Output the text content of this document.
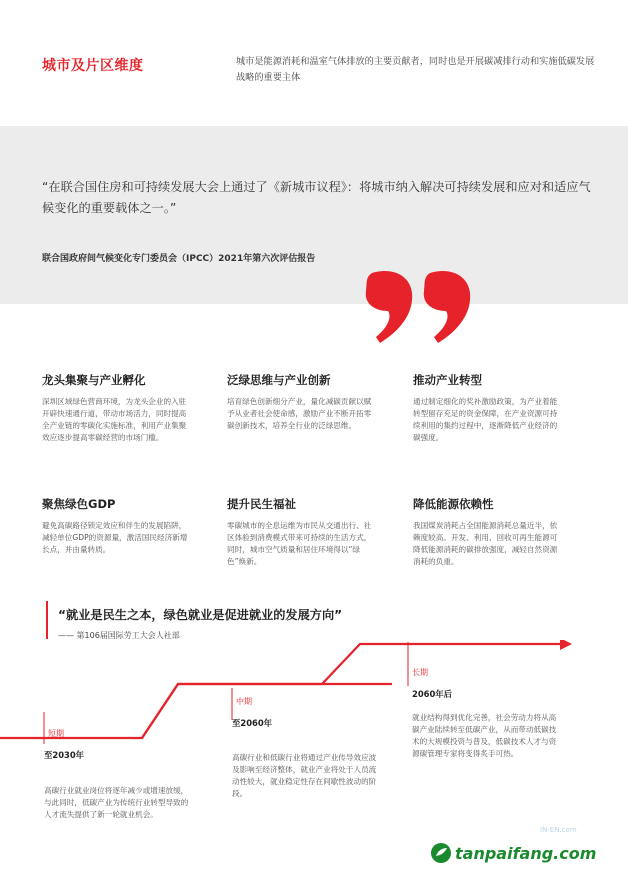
城市及片区维度	城市是能源消耗和温室气体排放的主要贡献者，同时也是开展碳减排行动和实施低碳发展战略的重要主体
“在联合国住房和可持续发展大会上通过了《新城市议程》：将城市纳入解决可持续发展和应对和适应气候变化的重要载体之一。”
联合国政府间气候变化专门委员会（IPCC）2021年第六次评估报告
龙头集聚与产业孵化
深圳区域绿色营商环境，为龙头企业的入驻开辟快速通行道，带动市场活力，同时提高全产业链的零碳化实施标准，利用产业集聚效应逐步提高零碳经营的市场门槛。
泛绿思维与产业创新
培育绿色创新细分产业，量化减碳贡献以赋予从业者社会使命感，激励产业不断开拓零碳创新技术，培养全行业的泛绿思维。
推动产业转型
通过制定细化的奖补激励政策，为产业着能转型留存充足的资金保障，在产业资源可持续利用的集约过程中，逐渐降低产业经济的碳强度。
聚焦绿色GDP
避免高碳路径锁定效应和伴生的发展陷阱，减轻单位GDP的资源量，激活国民经济新增长点，并由量转质。
提升民生福祉
零碳城市的全息运维为市民从交通出行、社区体验到消费模式带来可持续的生活方式，同时，城市空气质量和居住环境得以“绿色”焕新。
降低能源依赖性
我国煤炭消耗占全国能源消耗总量近半，依赖度较高。开发、利用、回收可再生能源可降低能源消耗的碳排放强度，减轻自然资源消耗的负重。
“就业是民生之本，绿色就业是促进就业的发展方向”
—— 第106届国际劳工大会人社部
短期
至2030年
高碳行业就业岗位将逐年减少或增速放缓，与此同时，低碳产业为传统行业转型导致的人才流失提供了新一轮就业机会。
中期
至2060年
高碳行业和低碳行业将通过产业传导效应波及影响至经济整体，就业产业将处于人员流动性较大，就业稳定性存在间歇性波动的阶段。
长期
2060年后
就业结构得到优化完善，社会劳动力将从高碳产业陆续转至低碳产业，从而带动低碳技术的大规模投资与普及，低碳技术人才与资源碳管理专家将变得炙手可热。
IN-EN.com
tanpaifang.com
